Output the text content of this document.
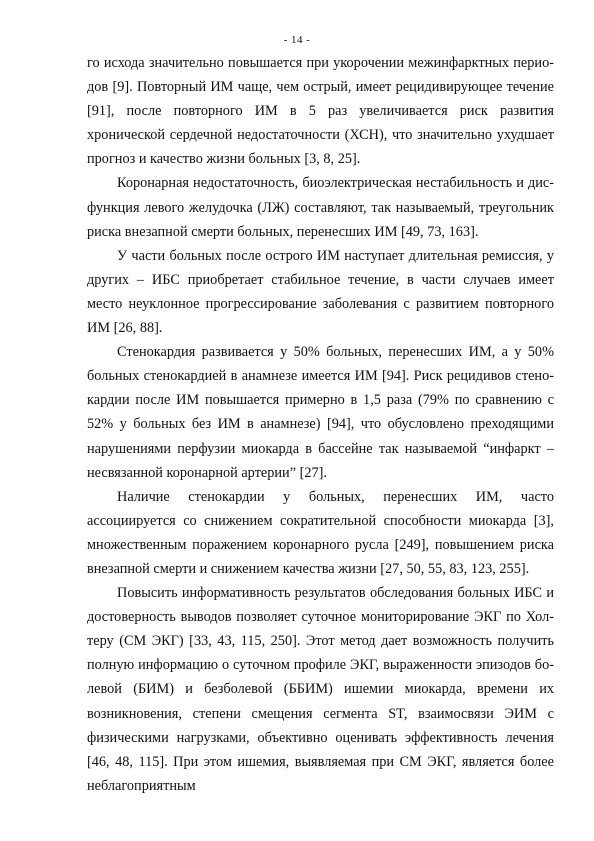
- 14 -

го исхода значительно повышается при укорочении межинфарктных периодов [9]. Повторный ИМ чаще, чем острый, имеет рецидивирующее течение [91], после повторного ИМ в 5 раз увеличивается риск развития хронической сердечной недостаточности (ХСН), что значительно ухудшает прогноз и качество жизни больных [3, 8, 25].

Коронарная недостаточность, биоэлектрическая нестабильность и дисфункция левого желудочка (ЛЖ) составляют, так называемый, треугольник риска внезапной смерти больных, перенесших ИМ [49, 73, 163].

У части больных после острого ИМ наступает длительная ремиссия, у других – ИБС приобретает стабильное течение, в части случаев имеет место неуклонное прогрессирование заболевания с развитием повторного ИМ [26, 88].

Стенокардия развивается у 50% больных, перенесших ИМ, а у 50% больных стенокардией в анамнезе имеется ИМ [94]. Риск рецидивов стенокардии после ИМ повышается примерно в 1,5 раза (79% по сравнению с 52% у больных без ИМ в анамнезе) [94], что обусловлено преходящими нарушениями перфузии миокарда в бассейне так называемой “инфаркт – несвязанной коронарной артерии” [27].

Наличие стенокардии у больных, перенесших ИМ, часто ассоциируется со снижением сократительной способности миокарда [3], множественным поражением коронарного русла [249], повышением риска внезапной смерти и снижением качества жизни [27, 50, 55, 83, 123, 255].

Повысить информативность результатов обследования больных ИБС и достоверность выводов позволяет суточное мониторирование ЭКГ по Холтеру (СМ ЭКГ) [33, 43, 115, 250]. Этот метод дает возможность получить полную информацию о суточном профиле ЭКГ, выраженности эпизодов болевой (БИМ) и безболевой (ББИМ) ишемии миокарда, времени их возникновения, степени смещения сегмента ST, взаимосвязи ЭИМ с физическими нагрузками, объективно оценивать эффективность лечения [46, 48, 115]. При этом ишемия, выявляемая при СМ ЭКГ, является более неблагоприятным
